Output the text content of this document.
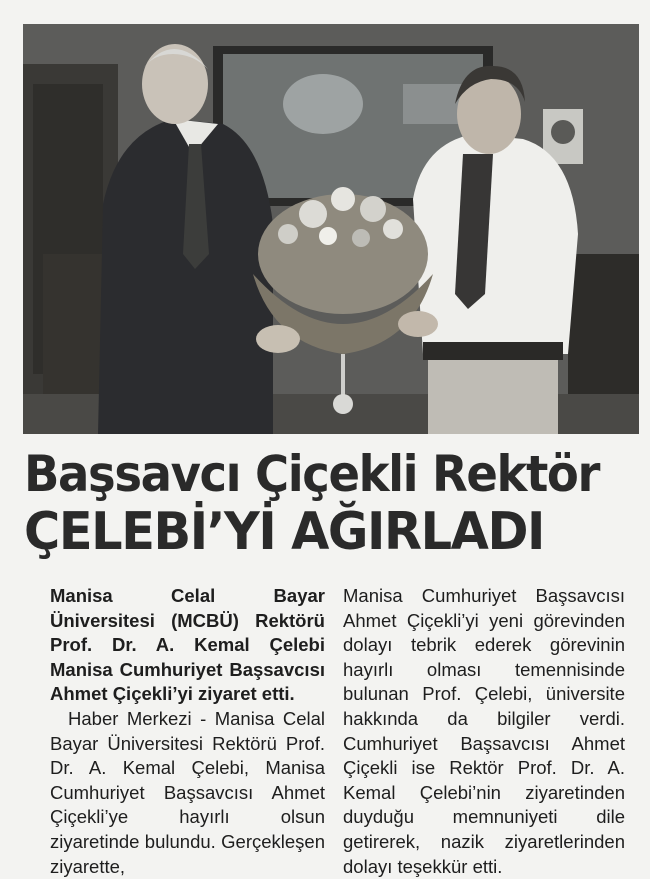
Başsavcı Çiçekli Rektör
ÇELEBİ’Yİ AĞIRLADI

Manisa Celal Bayar Üniversitesi (MCBÜ) Rektörü Prof. Dr. A. Kemal Çelebi Manisa Cumhuriyet Başsavcısı Ahmet Çiçekli’yi ziyaret etti.

Haber Merkezi - Manisa Celal Bayar Üniversitesi Rektörü Prof. Dr. A. Kemal Çelebi, Manisa Cumhuriyet Başsavcısı Ahmet Çiçekli’ye hayırlı olsun ziyaretinde bulundu. Gerçekleşen ziyarette,

Manisa Cumhuriyet Başsavcısı Ahmet Çiçekli’yi yeni görevinden dolayı tebrik ederek görevinin hayırlı olması temennisinde bulunan Prof. Çelebi, üniversite hakkında da bilgiler verdi. Cumhuriyet Başsavcısı Ahmet Çiçekli ise Rektör Prof. Dr. A. Kemal Çelebi’nin ziyaretinden duyduğu memnuniyeti dile getirerek, nazik ziyaretlerinden dolayı teşekkür etti.
